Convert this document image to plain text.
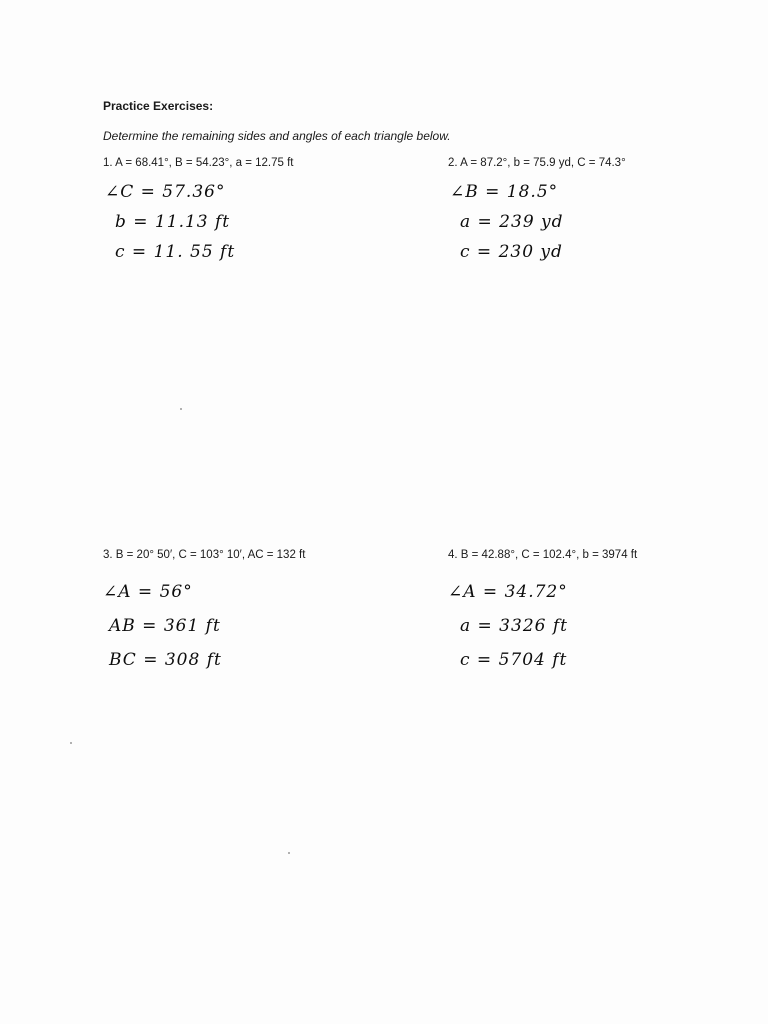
Practice Exercises:
Determine the remaining sides and angles of each triangle below.
1. A = 68.41°, B = 54.23°, a = 12.75 ft
∠C = 57.36°
b = 11.13 ft
c = 11. 55 ft
2. A = 87.2°, b = 75.9 yd, C = 74.3°
∠B = 18.5°
a = 239 yd
c = 230 yd
3. B = 20° 50′, C = 103° 10′, AC = 132 ft
∠A = 56°
AB = 361 ft
BC = 308 ft
4. B = 42.88°, C = 102.4°, b = 3974 ft
∠A = 34.72°
a = 3326 ft
c = 5704 ft
